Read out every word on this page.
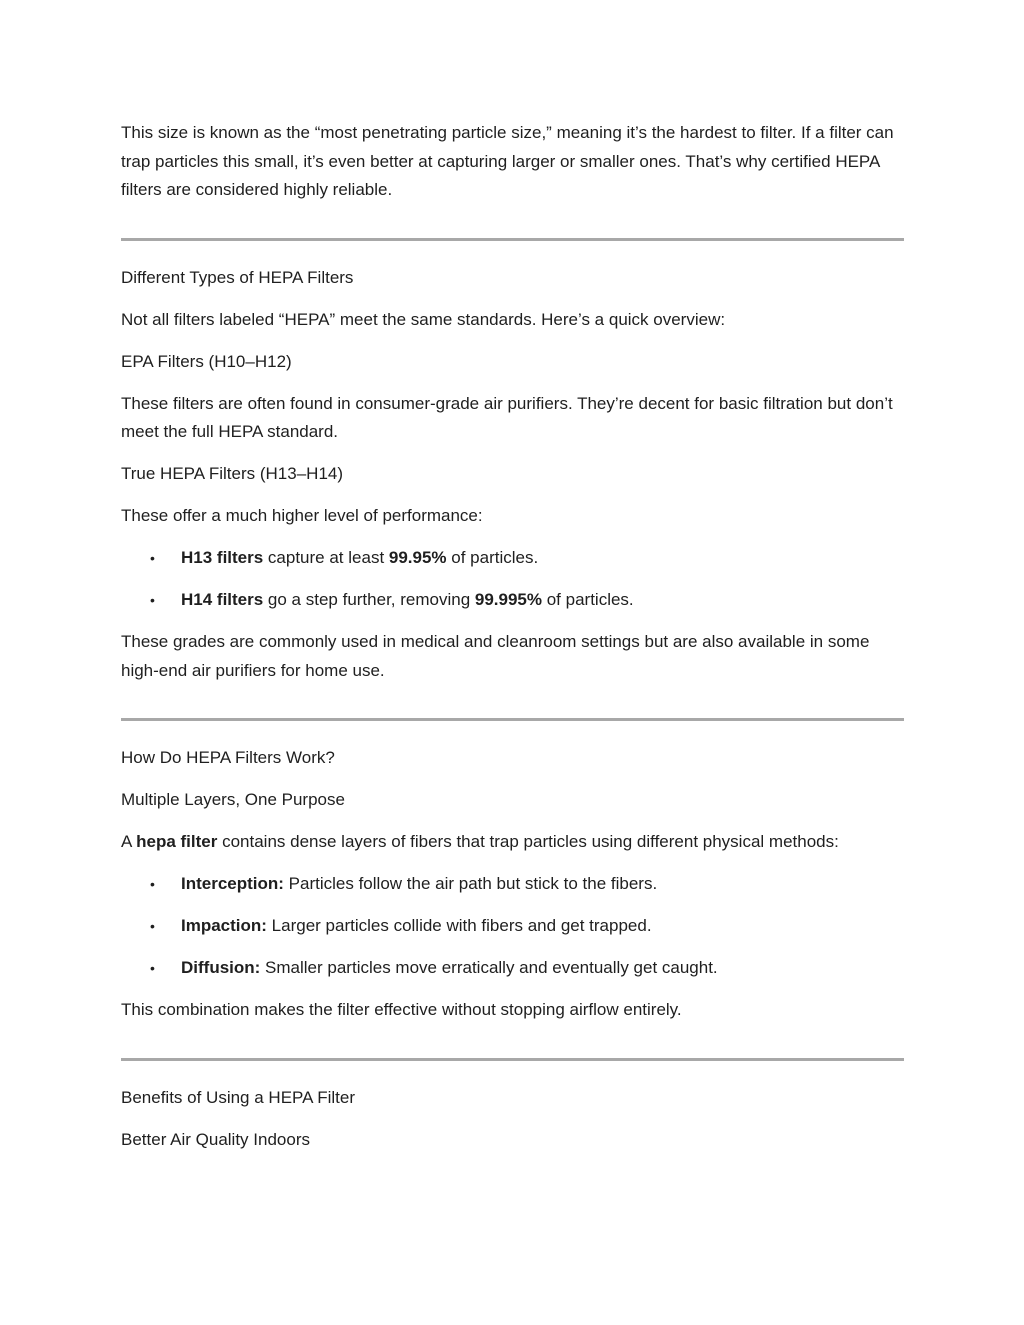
This size is known as the “most penetrating particle size,” meaning it’s the hardest to filter. If a filter can trap particles this small, it’s even better at capturing larger or smaller ones. That’s why certified HEPA filters are considered highly reliable.

Different Types of HEPA Filters

Not all filters labeled “HEPA” meet the same standards. Here’s a quick overview:

EPA Filters (H10–H12)

These filters are often found in consumer-grade air purifiers. They’re decent for basic filtration but don’t meet the full HEPA standard.

True HEPA Filters (H13–H14)

These offer a much higher level of performance:

• H13 filters capture at least 99.95% of particles.
• H14 filters go a step further, removing 99.995% of particles.

These grades are commonly used in medical and cleanroom settings but are also available in some high-end air purifiers for home use.

How Do HEPA Filters Work?

Multiple Layers, One Purpose

A hepa filter contains dense layers of fibers that trap particles using different physical methods:

• Interception: Particles follow the air path but stick to the fibers.
• Impaction: Larger particles collide with fibers and get trapped.
• Diffusion: Smaller particles move erratically and eventually get caught.

This combination makes the filter effective without stopping airflow entirely.

Benefits of Using a HEPA Filter

Better Air Quality Indoors
